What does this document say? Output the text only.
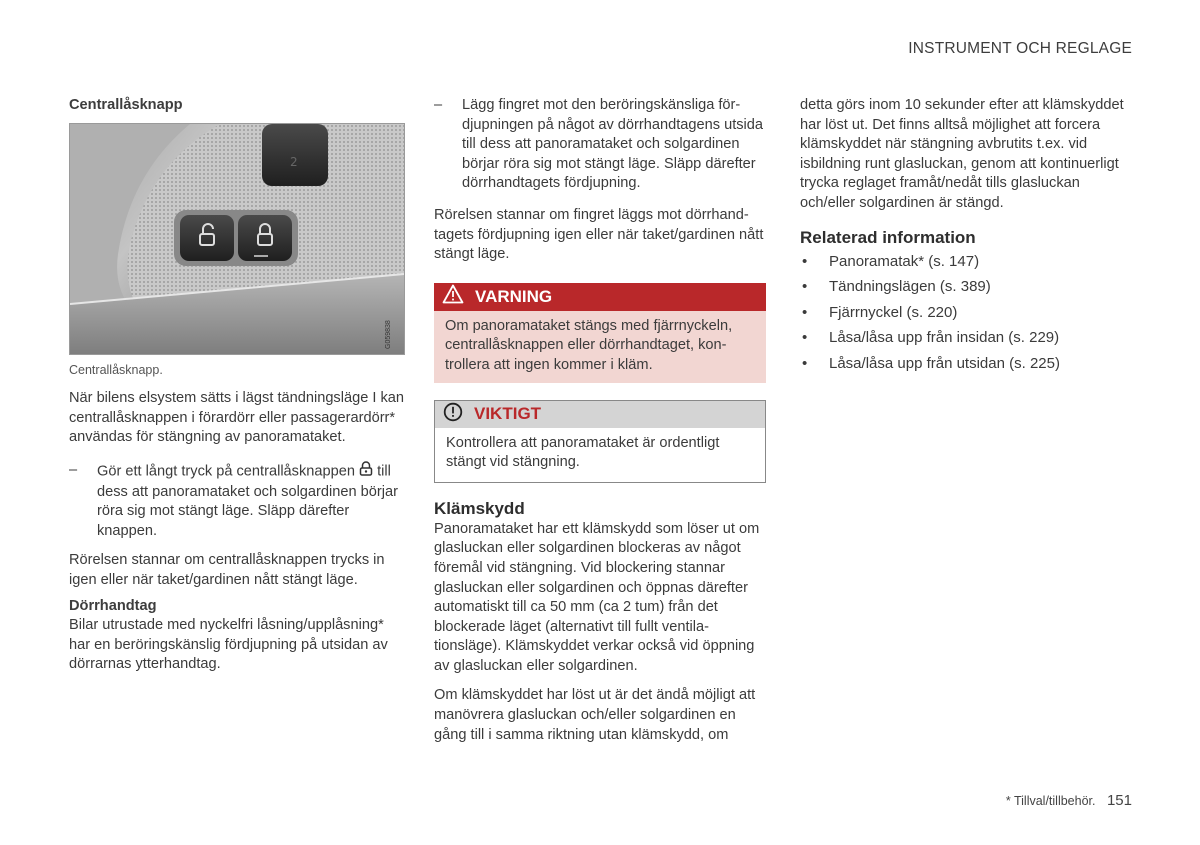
INSTRUMENT OCH REGLAGE
Centrallåsknapp
2
G059838
Centrallåsknapp.

När bilens elsystem sätts i lägst tändningsläge I kan centrallåsknappen i förardörr eller passagerardörr* användas för stängning av panoramataket.

– Gör ett långt tryck på centrallåsknappen till dess att panoramataket och solgardinen börjar röra sig mot stängt läge. Släpp därefter knappen.

Rörelsen stannar om centrallåsknappen trycks in igen eller när taket/gardinen nått stängt läge.

Dörrhandtag

Bilar utrustade med nyckelfri låsning/upplåsning* har en beröringskänslig fördjupning på utsidan av dörrarnas ytterhandtag.

– Lägg fingret mot den beröringskänsliga fördjupningen på något av dörrhandtagens utsida till dess att panoramataket och solgardinen börjar röra sig mot stängt läge. Släpp därefter dörrhandtagets fördjupning.

Rörelsen stannar om fingret läggs mot dörrhandtagets fördjupning igen eller när taket/gardinen nått stängt läge.

VARNING
Om panoramataket stängs med fjärrnyckeln, centrallåsknappen eller dörrhandtaget, kontrollera att ingen kommer i kläm.
VIKTIGT
Kontrollera att panoramataket är ordentligt stängt vid stängning.
Klämskydd

Panoramataket har ett klämskydd som löser ut om glasluckan eller solgardinen blockeras av något föremål vid stängning. Vid blockering stannar glasluckan eller solgardinen och öppnas därefter automatiskt till ca 50 mm (ca 2 tum) från det blockerade läget (alternativt till fullt ventilationsläge). Klämskyddet verkar också vid öppning av glasluckan eller solgardinen.

Om klämskyddet har löst ut är det ändå möjligt att manövrera glasluckan och/eller solgardinen en gång till i samma riktning utan klämskydd, om

detta görs inom 10 sekunder efter att klämskyddet har löst ut. Det finns alltså möjlighet att forcera klämskyddet när stängning avbrutits t.ex. vid isbildning runt glasluckan, genom att kontinuerligt trycka reglaget framåt/nedåt tills glasluckan och/eller solgardinen är stängd.

Relaterad information
• Panoramatak* (s. 147)
• Tändningslägen (s. 389)
• Fjärrnyckel (s. 220)
• Låsa/låsa upp från insidan (s. 229)
• Låsa/låsa upp från utsidan (s. 225)
* Tillval/tillbehör. 151
